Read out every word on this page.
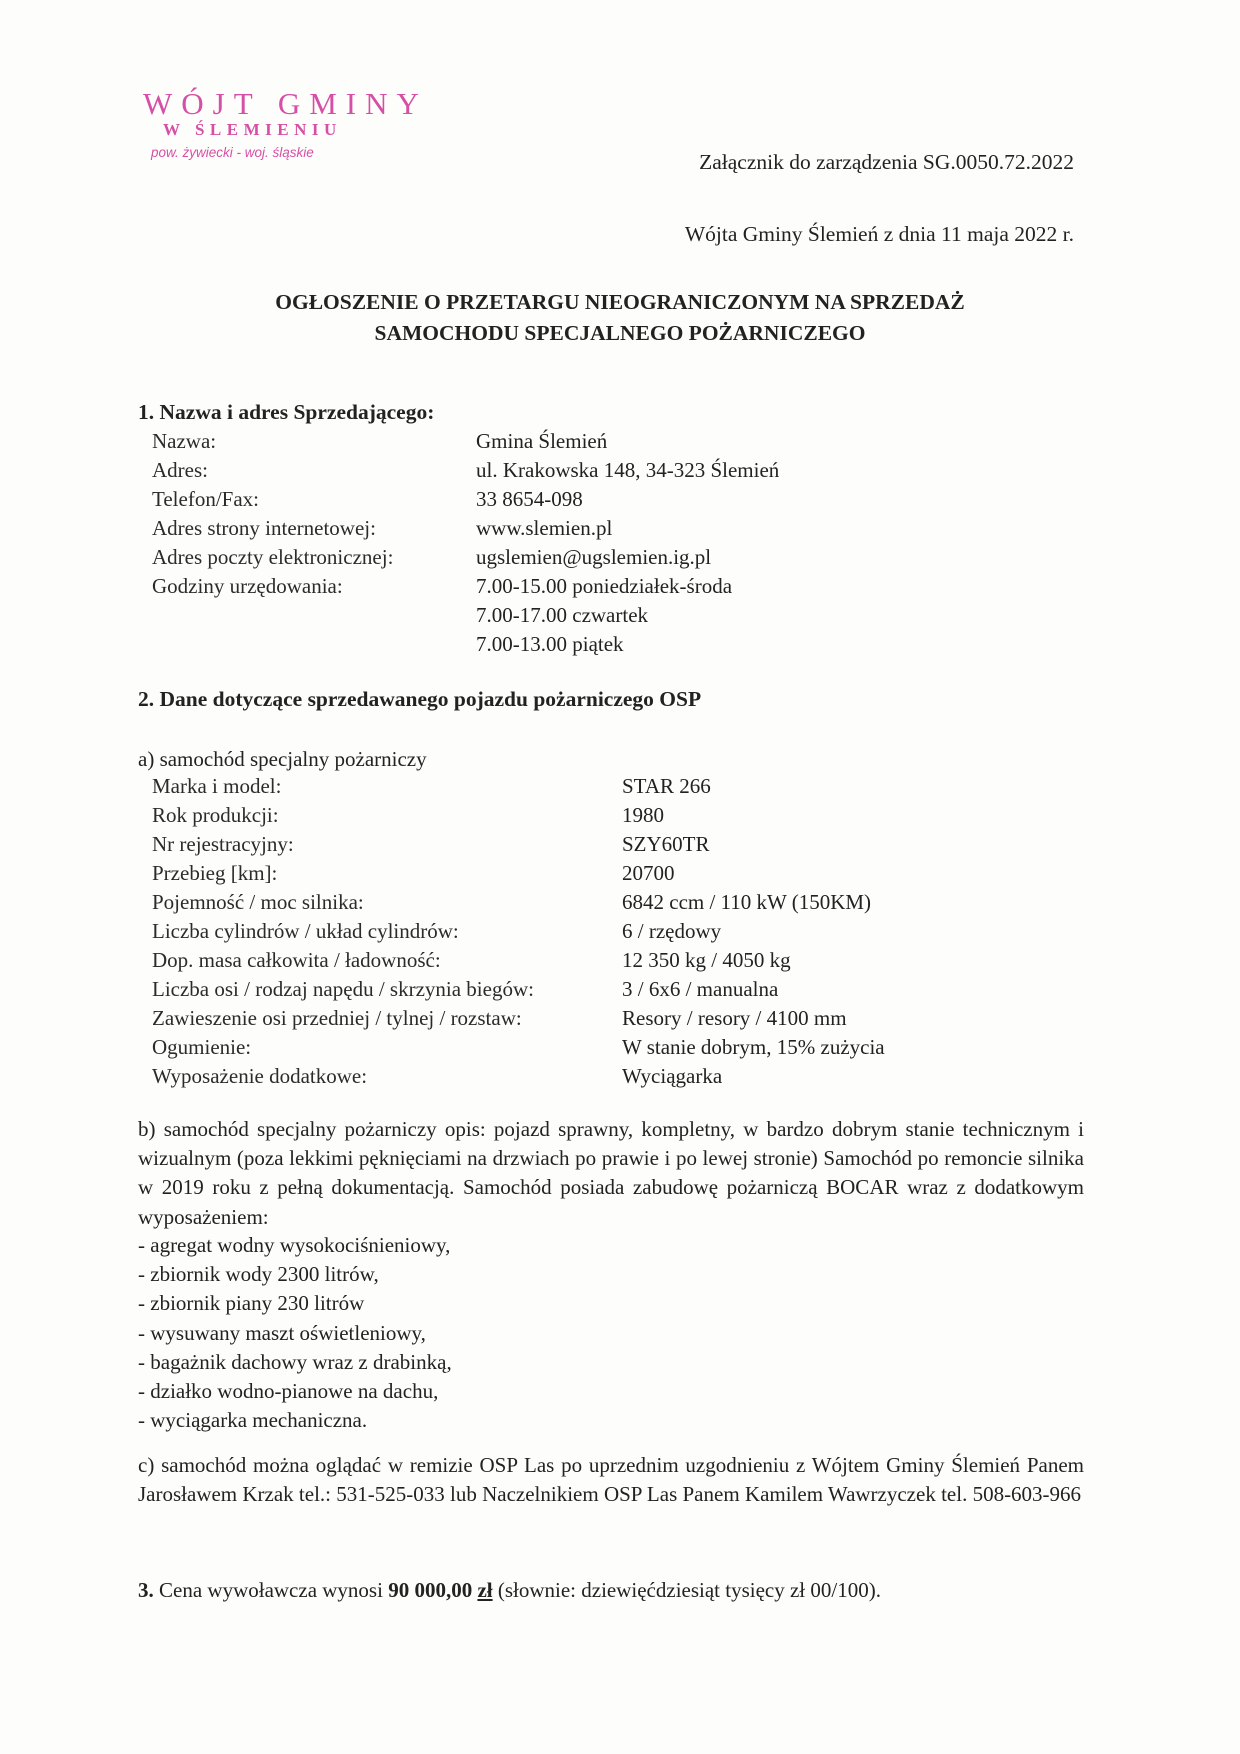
WÓJT GMINY
W ŚLEMIENIU
pow. żywiecki - woj. śląskie	Załącznik do zarządzenia SG.0050.72.2022
Wójta Gminy Ślemień z dnia 11 maja 2022 r.
OGŁOSZENIE O PRZETARGU NIEOGRANICZONYM NA SPRZEDAŻ
SAMOCHODU SPECJALNEGO POŻARNICZEGO
1. Nazwa i adres Sprzedającego:
Nazwa:	Gmina Ślemień
Adres:	ul. Krakowska 148, 34-323 Ślemień
Telefon/Fax:	33 8654-098
Adres strony internetowej:	www.slemien.pl
Adres poczty elektronicznej:	ugslemien@ugslemien.ig.pl
Godziny urzędowania:	7.00-15.00 poniedziałek-środa
	7.00-17.00 czwartek
	7.00-13.00 piątek
2. Dane dotyczące sprzedawanego pojazdu pożarniczego OSP
a) samochód specjalny pożarniczy
Marka i model:	STAR 266
Rok produkcji:	1980
Nr rejestracyjny:	SZY60TR
Przebieg [km]:	20700
Pojemność / moc silnika:	6842 ccm / 110 kW (150KM)
Liczba cylindrów / układ cylindrów:	6 / rzędowy
Dop. masa całkowita / ładowność:	12 350 kg / 4050 kg
Liczba osi / rodzaj napędu / skrzynia biegów:	3 / 6x6 / manualna
Zawieszenie osi przedniej / tylnej / rozstaw:	Resory / resory / 4100 mm
Ogumienie:	W stanie dobrym, 15% zużycia
Wyposażenie dodatkowe:	Wyciągarka
b) samochód specjalny pożarniczy opis: pojazd sprawny, kompletny, w bardzo dobrym stanie technicznym i wizualnym (poza lekkimi pęknięciami na drzwiach po prawie i po lewej stronie) Samochód po remoncie silnika w 2019 roku z pełną dokumentacją. Samochód posiada zabudowę pożarniczą BOCAR wraz z dodatkowym wyposażeniem:
- agregat wodny wysokociśnieniowy,
- zbiornik wody 2300 litrów,
- zbiornik piany 230 litrów
- wysuwany maszt oświetleniowy,
- bagażnik dachowy wraz z drabinką,
- działko wodno-pianowe na dachu,
- wyciągarka mechaniczna.
c) samochód można oglądać w remizie OSP Las po uprzednim uzgodnieniu z Wójtem Gminy Ślemień Panem Jarosławem Krzak tel.: 531-525-033 lub Naczelnikiem OSP Las Panem Kamilem Wawrzyczek tel. 508-603-966
3. Cena wywoławcza wynosi 90 000,00 zł (słownie: dziewięćdziesiąt tysięcy zł 00/100).
